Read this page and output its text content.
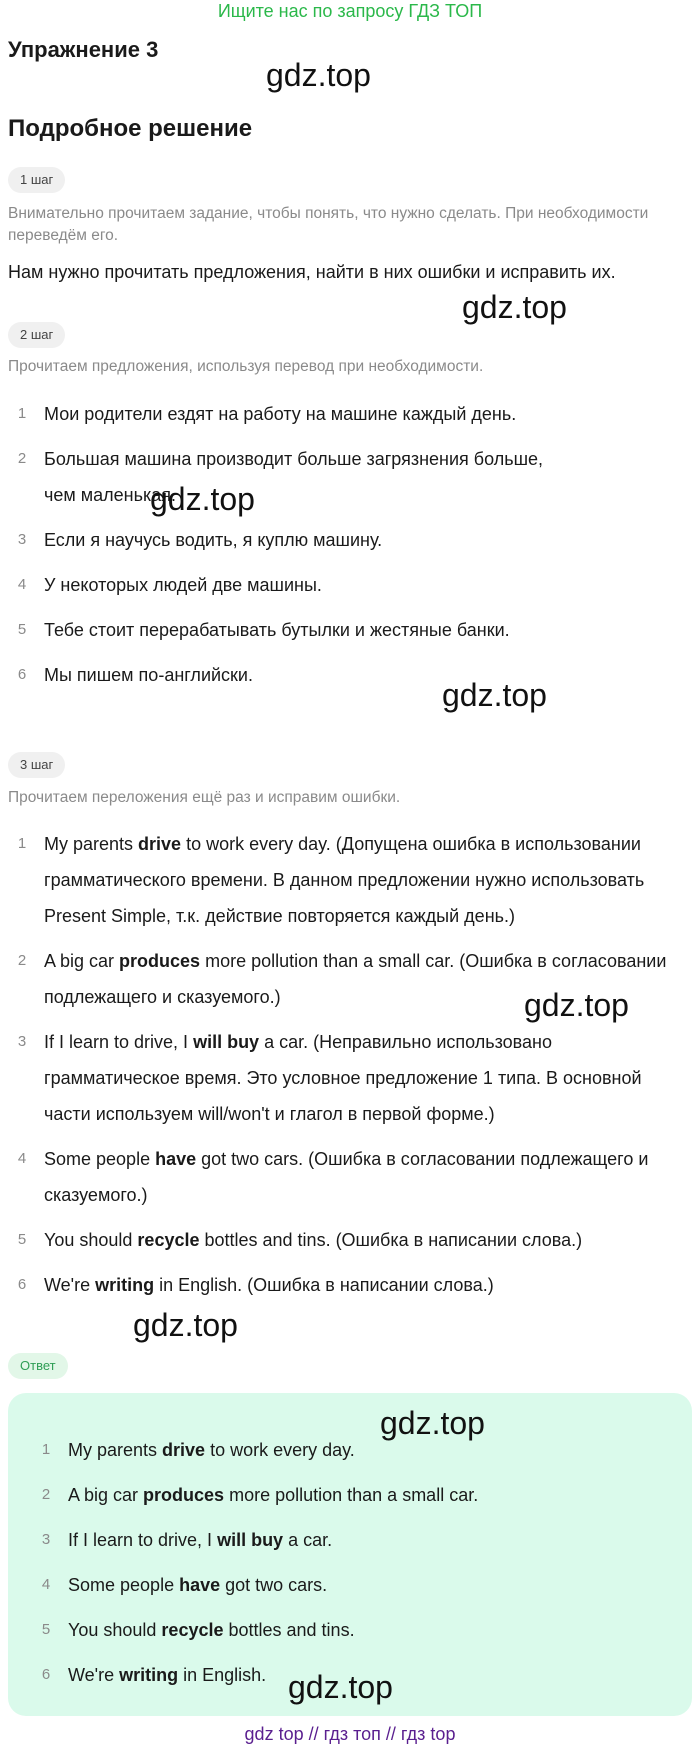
Ищите нас по запросу ГДЗ ТОП
Упражнение 3
gdz.top
Подробное решение
1 шаг
Внимательно прочитаем задание, чтобы понять, что нужно сделать. При необходимости переведём его.
Нам нужно прочитать предложения, найти в них ошибки и исправить их.
gdz.top
2 шаг
Прочитаем предложения, используя перевод при необходимости.
1 Мои родители ездят на работу на машине каждый день.
2 Большая машина производит больше загрязнения больше, чем маленькая.
3 Если я научусь водить, я куплю машину.
4 У некоторых людей две машины.
5 Тебе стоит перерабатывать бутылки и жестяные банки.
6 Мы пишем по-английски.
gdz.top
gdz.top
3 шаг
Прочитаем переложения ещё раз и исправим ошибки.
1 My parents drive to work every day. (Допущена ошибка в использовании грамматического времени. В данном предложении нужно использовать Present Simple, т.к. действие повторяется каждый день.)
2 A big car produces more pollution than a small car. (Ошибка в согласовании подлежащего и сказуемого.)
3 If I learn to drive, I will buy a car. (Неправильно использовано грамматическое время. Это условное предложение 1 типа. В основной части используем will/won't и глагол в первой форме.)
4 Some people have got two cars. (Ошибка в согласовании подлежащего и сказуемого.)
5 You should recycle bottles and tins. (Ошибка в написании слова.)
6 We're writing in English. (Ошибка в написании слова.)
gdz.top
gdz.top
Ответ
gdz.top
1 My parents drive to work every day.
2 A big car produces more pollution than a small car.
3 If I learn to drive, I will buy a car.
4 Some people have got two cars.
5 You should recycle bottles and tins.
6 We're writing in English. gdz.top
gdz top // гдз топ // гдз top
